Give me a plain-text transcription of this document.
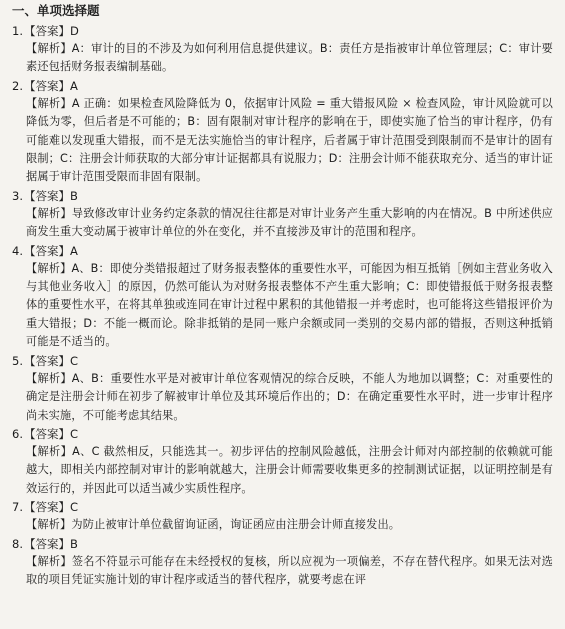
一、单项选择题
1.【答案】D
【解析】A：审计的目的不涉及为如何利用信息提供建议。B：责任方是指被审计单位管理层；C：审计要素还包括财务报表编制基础。
2.【答案】A
【解析】A 正确：如果检查风险降低为 0，依据审计风险 = 重大错报风险 × 检查风险，审计风险就可以降低为零，但后者是不可能的；B：固有限制对审计程序的影响在于，即使实施了恰当的审计程序，仍有可能难以发现重大错报，而不是无法实施恰当的审计程序，后者属于审计范围受到限制而不是审计的固有限制；C：注册会计师获取的大部分审计证据都具有说服力；D：注册会计师不能获取充分、适当的审计证据属于审计范围受限而非固有限制。
3.【答案】B
【解析】导致修改审计业务约定条款的情况往往都是对审计业务产生重大影响的内在情况。B 中所述供应商发生重大变动属于被审计单位的外在变化，并不直接涉及审计的范围和程序。
4.【答案】A
【解析】A、B：即使分类错报超过了财务报表整体的重要性水平，可能因为相互抵销［例如主营业务收入与其他业务收入］的原因，仍然可能认为对财务报表整体不产生重大影响；C：即使错报低于财务报表整体的重要性水平，在将其单独或连同在审计过程中累积的其他错报一并考虑时，也可能将这些错报评价为重大错报；D：不能一概而论。除非抵销的是同一账户余额或同一类别的交易内部的错报，否则这种抵销可能是不适当的。
5.【答案】C
【解析】A、B：重要性水平是对被审计单位客观情况的综合反映，不能人为地加以调整；C：对重要性的确定是注册会计师在初步了解被审计单位及其环境后作出的；D：在确定重要性水平时，进一步审计程序尚未实施，不可能考虑其结果。
6.【答案】C
【解析】A、C 截然相反，只能选其一。初步评估的控制风险越低，注册会计师对内部控制的依赖就可能越大，即相关内部控制对审计的影响就越大，注册会计师需要收集更多的控制测试证据，以证明控制是有效运行的，并因此可以适当减少实质性程序。
7.【答案】C
【解析】为防止被审计单位截留询证函，询证函应由注册会计师直接发出。
8.【答案】B
【解析】签名不符显示可能存在未经授权的复核，所以应视为一项偏差，不存在替代程序。如果无法对选取的项目凭证实施计划的审计程序或适当的替代程序，就要考虑在评
